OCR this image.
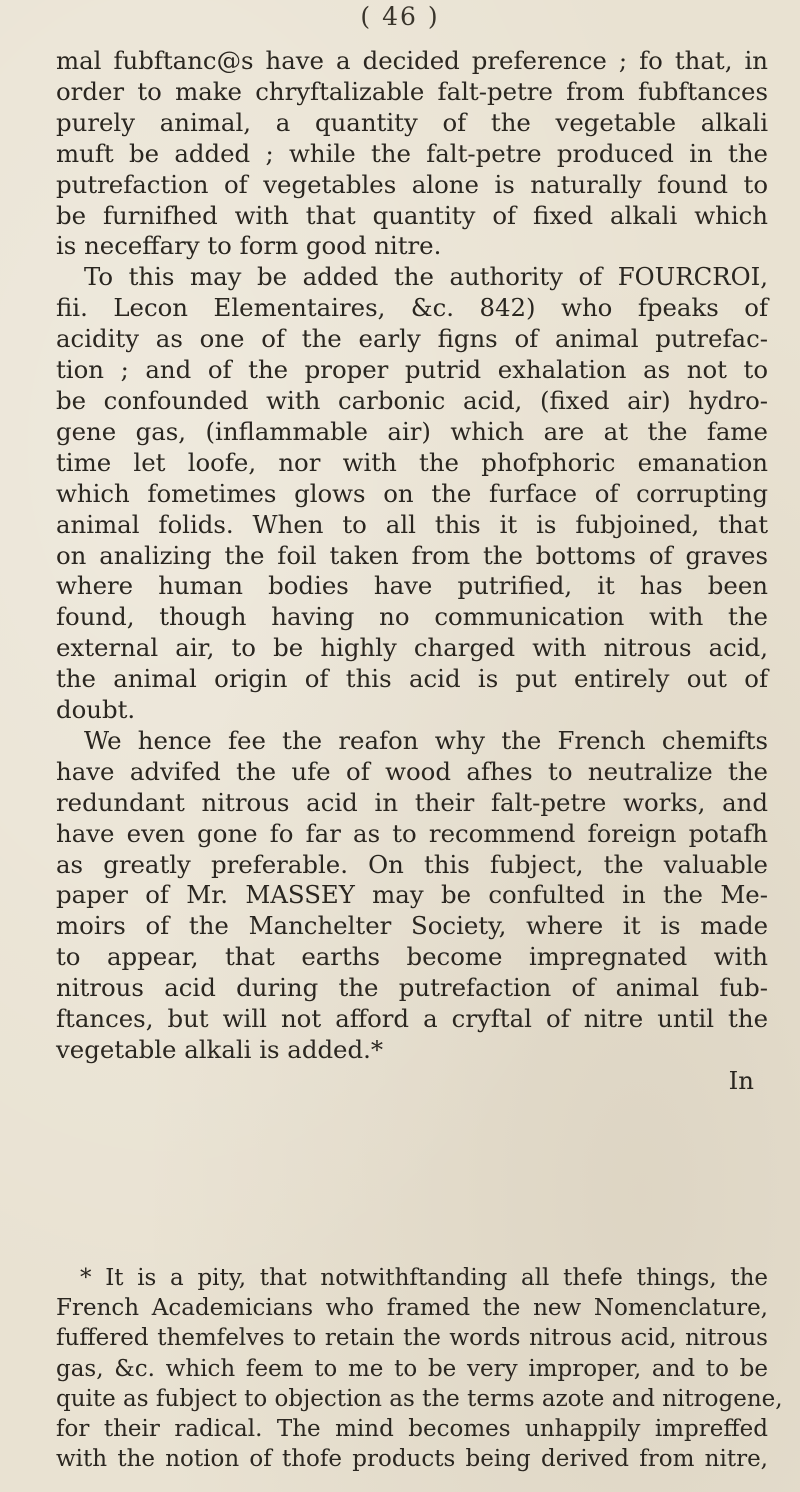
( 46 )
mal fubftanc@s have a decided preference ; fo that, in
order to make chryftalizable falt-petre from fubftances
purely animal, a quantity of the vegetable alkali
muft be added ; while the falt-petre produced in the
putrefaction of vegetables alone is naturally found to
be furnifhed with that quantity of fixed alkali which
is neceffary to form good nitre.
To this may be added the authority of FOURCROI,
fii. Lecon Elementaires, &c. 842) who fpeaks of
acidity as one of the early figns of animal putrefac-
tion ; and of the proper putrid exhalation as not to
be confounded with carbonic acid, (fixed air) hydro-
gene gas, (inflammable air) which are at the fame
time let loofe, nor with the phofphoric emanation
which fometimes glows on the furface of corrupting
animal folids. When to all this it is fubjoined, that
on analizing the foil taken from the bottoms of graves
where human bodies have putrified, it has been
found, though having no communication with the
external air, to be highly charged with nitrous acid,
the animal origin of this acid is put entirely out of
doubt.
We hence fee the reafon why the French chemifts
have advifed the ufe of wood afhes to neutralize the
redundant nitrous acid in their falt-petre works, and
have even gone fo far as to recommend foreign potafh
as greatly preferable. On this fubject, the valuable
paper of Mr. MASSEY may be confulted in the Me-
moirs of the Manchelter Society, where it is made
to appear, that earths become impregnated with
nitrous acid during the putrefaction of animal fub-
ftances, but will not afford a cryftal of nitre until the
vegetable alkali is added.*
In
* It is a pity, that notwithftanding all thefe things, the
French Academicians who framed the new Nomenclature,
fuffered themfelves to retain the words nitrous acid, nitrous
gas, &c. which feem to me to be very improper, and to be
quite as fubject to objection as the terms azote and nitrogene,
for their radical. The mind becomes unhappily impreffed
with the notion of thofe products being derived from nitre,
